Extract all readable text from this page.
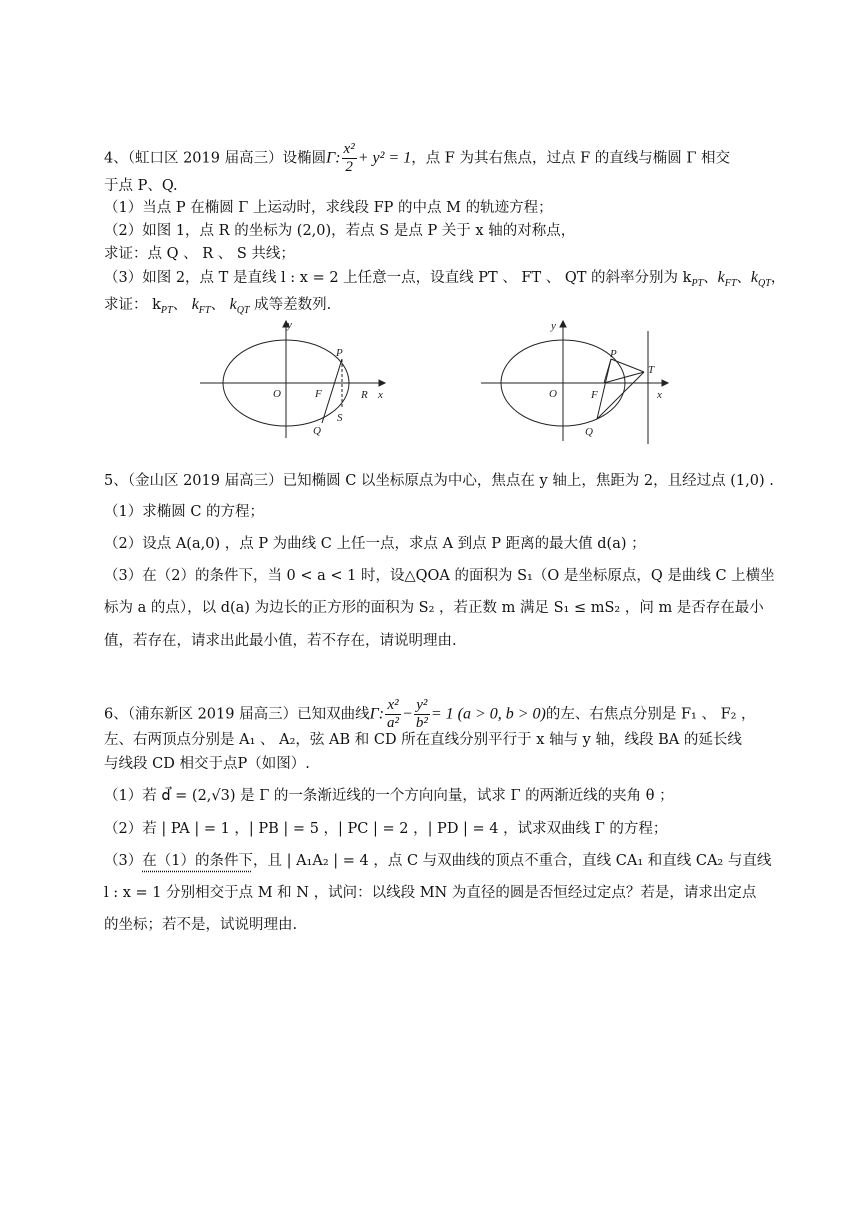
4、（虹口区 2019 届高三）设椭圆Γ: $\frac{\text{x²}}{2} + y^2 = 1$，点 F 为其右焦点，过点 F 的直线与椭圆 Γ 相交
于点 P、Q.
（1）当点 P 在椭圆 Γ 上运动时，求线段 FP 的中点 M 的轨迹方程；
（2）如图 1，点 R 的坐标为 (2,0)，若点 S 是点 P 关于 x 轴的对称点，
求证：点 Q 、 R 、 S 共线；
（3）如图 2，点 T 是直线 l : x = 2 上任意一点，设直线 PT 、 FT 、 QT 的斜率分别为 $k_{PT}$、$k_{FT}$、$k_{QT}$，
求证： $k_{PT}$、 $k_{FT}$、 $k_{QT}$ 成等差数列.
y
x
O	F
P
Q
S
R
y
x
O	F
P
Q
T
5、（金山区 2019 届高三）已知椭圆 C 以坐标原点为中心，焦点在 y 轴上，焦距为 2，且经过点 (1,0) .
（1）求椭圆 C 的方程；
（2）设点 A(a,0) ，点 P 为曲线 C 上任一点，求点 A 到点 P 距离的最大值 d(a) ；
（3）在（2）的条件下，当 0 < a < 1 时，设△QOA 的面积为 S₁（O 是坐标原点，Q 是曲线 C 上横坐
标为 a 的点），以 d(a) 为边长的正方形的面积为 S₂ ，若正数 m 满足 S₁ ≤ mS₂ ，问 m 是否存在最小
值，若存在，请求出此最小值，若不存在，请说明理由.
6、（浦东新区 2019 届高三）已知双曲线Γ: $\frac{\text{x²}}{\text{a²}} - \frac{\text{y²}}{\text{b²}} = 1$ (a > 0, b > 0)的左、右焦点分别是 F₁ 、 F₂ ，
左、右两顶点分别是 A₁ 、 A₂，弦 AB 和 CD 所在直线分别平行于 x 轴与 y 轴，线段 BA 的延长线
与线段 CD 相交于点P（如图）.
（1）若 d⃗ = (2,√3) 是 Γ 的一条渐近线的一个方向向量，试求 Γ 的两渐近线的夹角 θ ；
（2）若 | PA | = 1 ，| PB | = 5 ，| PC | = 2 ，| PD | = 4 ，试求双曲线 Γ 的方程；
（3）在（1）的条件下，且 | A₁A₂ | = 4 ，点 C 与双曲线的顶点不重合，直线 CA₁ 和直线 CA₂ 与直线
l : x = 1 分别相交于点 M 和 N ，试问：以线段 MN 为直径的圆是否恒经过定点？若是，请求出定点
的坐标；若不是，试说明理由.
